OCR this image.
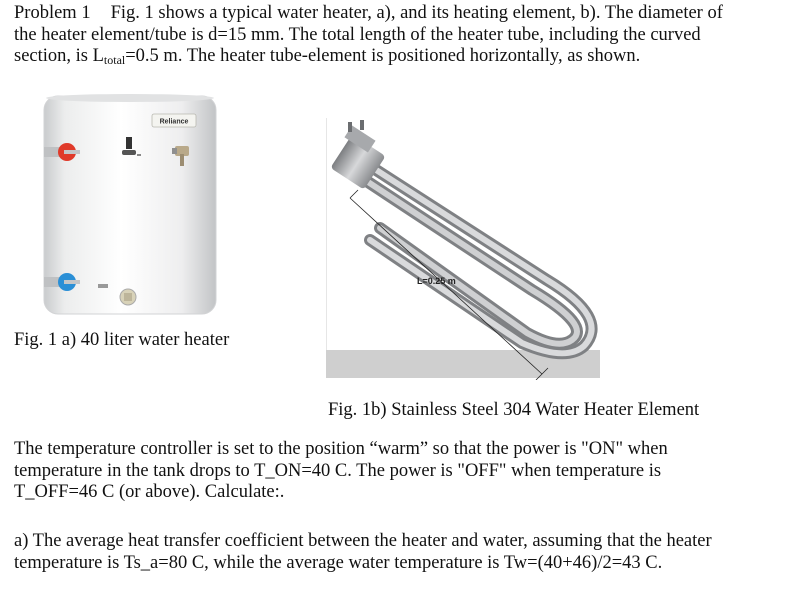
Problem 1 Fig. 1 shows a typical water heater, a), and its heating element, b). The diameter of
the heater element/tube is d=15 mm. The total length of the heater tube, including the curved
section, is $L_{total}=0.5$ m. The heater tube-element is positioned horizontally, as shown.
Reliance
L=0.25 m
Fig. 1 a) 40 liter water heater
Fig. 1b) Stainless Steel 304 Water Heater Element
The temperature controller is set to the position “warm” so that the power is "ON" when
temperature in the tank drops to T_ON=40 C. The power is "OFF" when temperature is
T_OFF=46 C (or above). Calculate:.
a) The average heat transfer coefficient between the heater and water, assuming that the heater
temperature is Ts_a=80 C, while the average water temperature is Tw=(40+46)/2=43 C.
